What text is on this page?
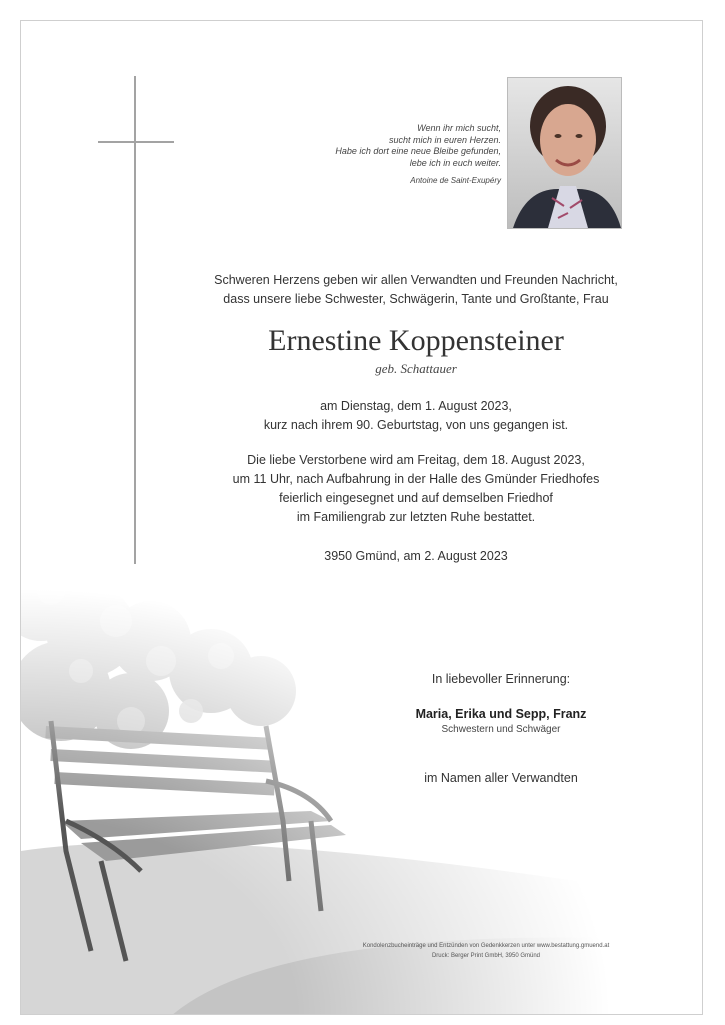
Wenn ihr mich sucht,
sucht mich in euren Herzen.
Habe ich dort eine neue Bleibe gefunden,
lebe ich in euch weiter.
Antoine de Saint-Exupéry
Schweren Herzens geben wir allen Verwandten und Freunden Nachricht,
dass unsere liebe Schwester, Schwägerin, Tante und Großtante, Frau
Ernestine Koppensteiner
geb. Schattauer
am Dienstag, dem 1. August 2023,
kurz nach ihrem 90. Geburtstag, von uns gegangen ist.
Die liebe Verstorbene wird am Freitag, dem 18. August 2023,
um 11 Uhr, nach Aufbahrung in der Halle des Gmünder Friedhofes
feierlich eingesegnet und auf demselben Friedhof
im Familiengrab zur letzten Ruhe bestattet.
3950 Gmünd, am 2. August 2023
In liebevoller Erinnerung:
Maria, Erika und Sepp, Franz
Schwestern und Schwäger
im Namen aller Verwandten
Kondolenzbucheinträge und Entzünden von Gedenkkerzen unter www.bestattung.gmuend.at
Druck: Berger Print GmbH, 3950 Gmünd
